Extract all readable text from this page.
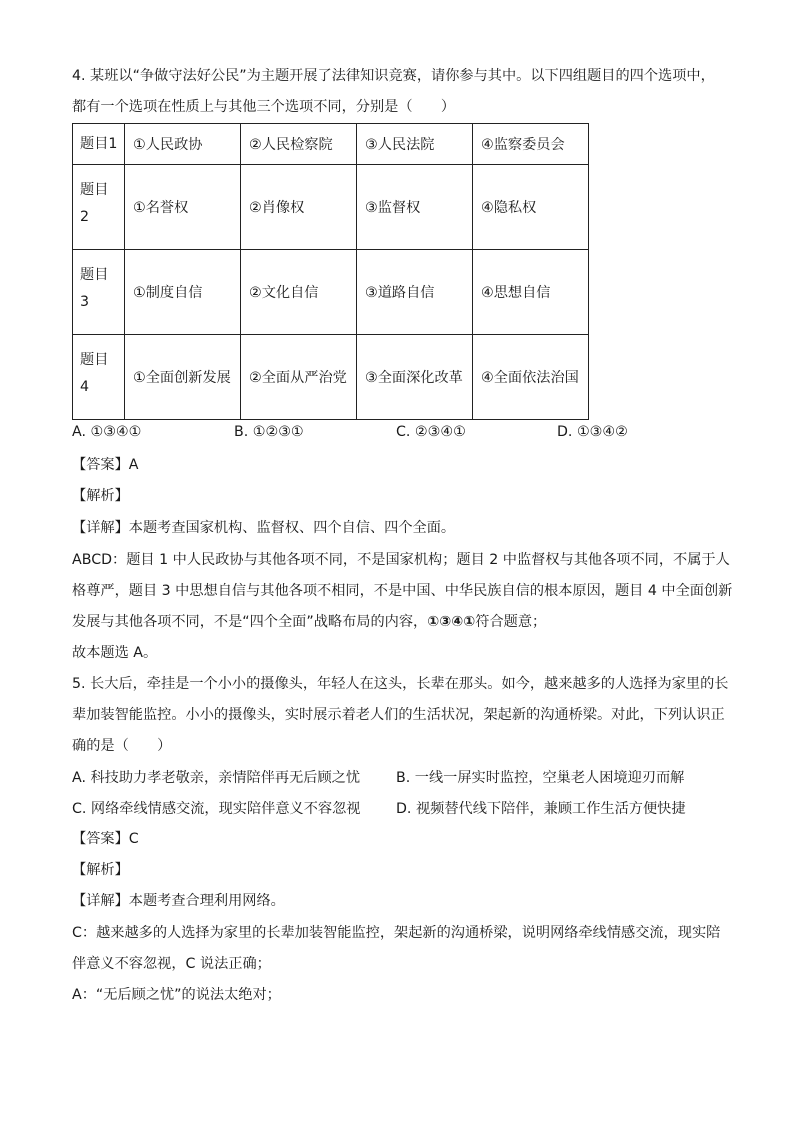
4. 某班以“争做守法好公民”为主题开展了法律知识竞赛，请你参与其中。以下四组题目的四个选项中，
都有一个选项在性质上与其他三个选项不同，分别是（　　）
题目1	①人民政协	②人民检察院	③人民法院	④监察委员会
题目
2	①名誉权	②肖像权	③监督权	④隐私权
题目
3	①制度自信	②文化自信	③道路自信	④思想自信
题目
4	①全面创新发展	②全面从严治党	③全面深化改革	④全面依法治国
A. ①③④①	B. ①②③①	C. ②③④①	D. ①③④②
【答案】A
【解析】
【详解】本题考查国家机构、监督权、四个自信、四个全面。
ABCD：题目 1 中人民政协与其他各项不同，不是国家机构；题目 2 中监督权与其他各项不同，不属于人
格尊严，题目 3 中思想自信与其他各项不相同，不是中国、中华民族自信的根本原因，题目 4 中全面创新
发展与其他各项不同，不是“四个全面”战略布局的内容，①③④①符合题意；
故本题选 A。
5. 长大后，牵挂是一个小小的摄像头，年轻人在这头，长辈在那头。如今，越来越多的人选择为家里的长
辈加装智能监控。小小的摄像头，实时展示着老人们的生活状况，架起新的沟通桥梁。对此，下列认识正
确的是（　　）
A. 科技助力孝老敬亲，亲情陪伴再无后顾之忧	B. 一线一屏实时监控，空巢老人困境迎刃而解
C. 网络牵线情感交流，现实陪伴意义不容忽视	D. 视频替代线下陪伴，兼顾工作生活方便快捷
【答案】C
【解析】
【详解】本题考查合理利用网络。
C：越来越多的人选择为家里的长辈加装智能监控，架起新的沟通桥梁，说明网络牵线情感交流，现实陪
伴意义不容忽视，C 说法正确；
A：“无后顾之忧”的说法太绝对；
